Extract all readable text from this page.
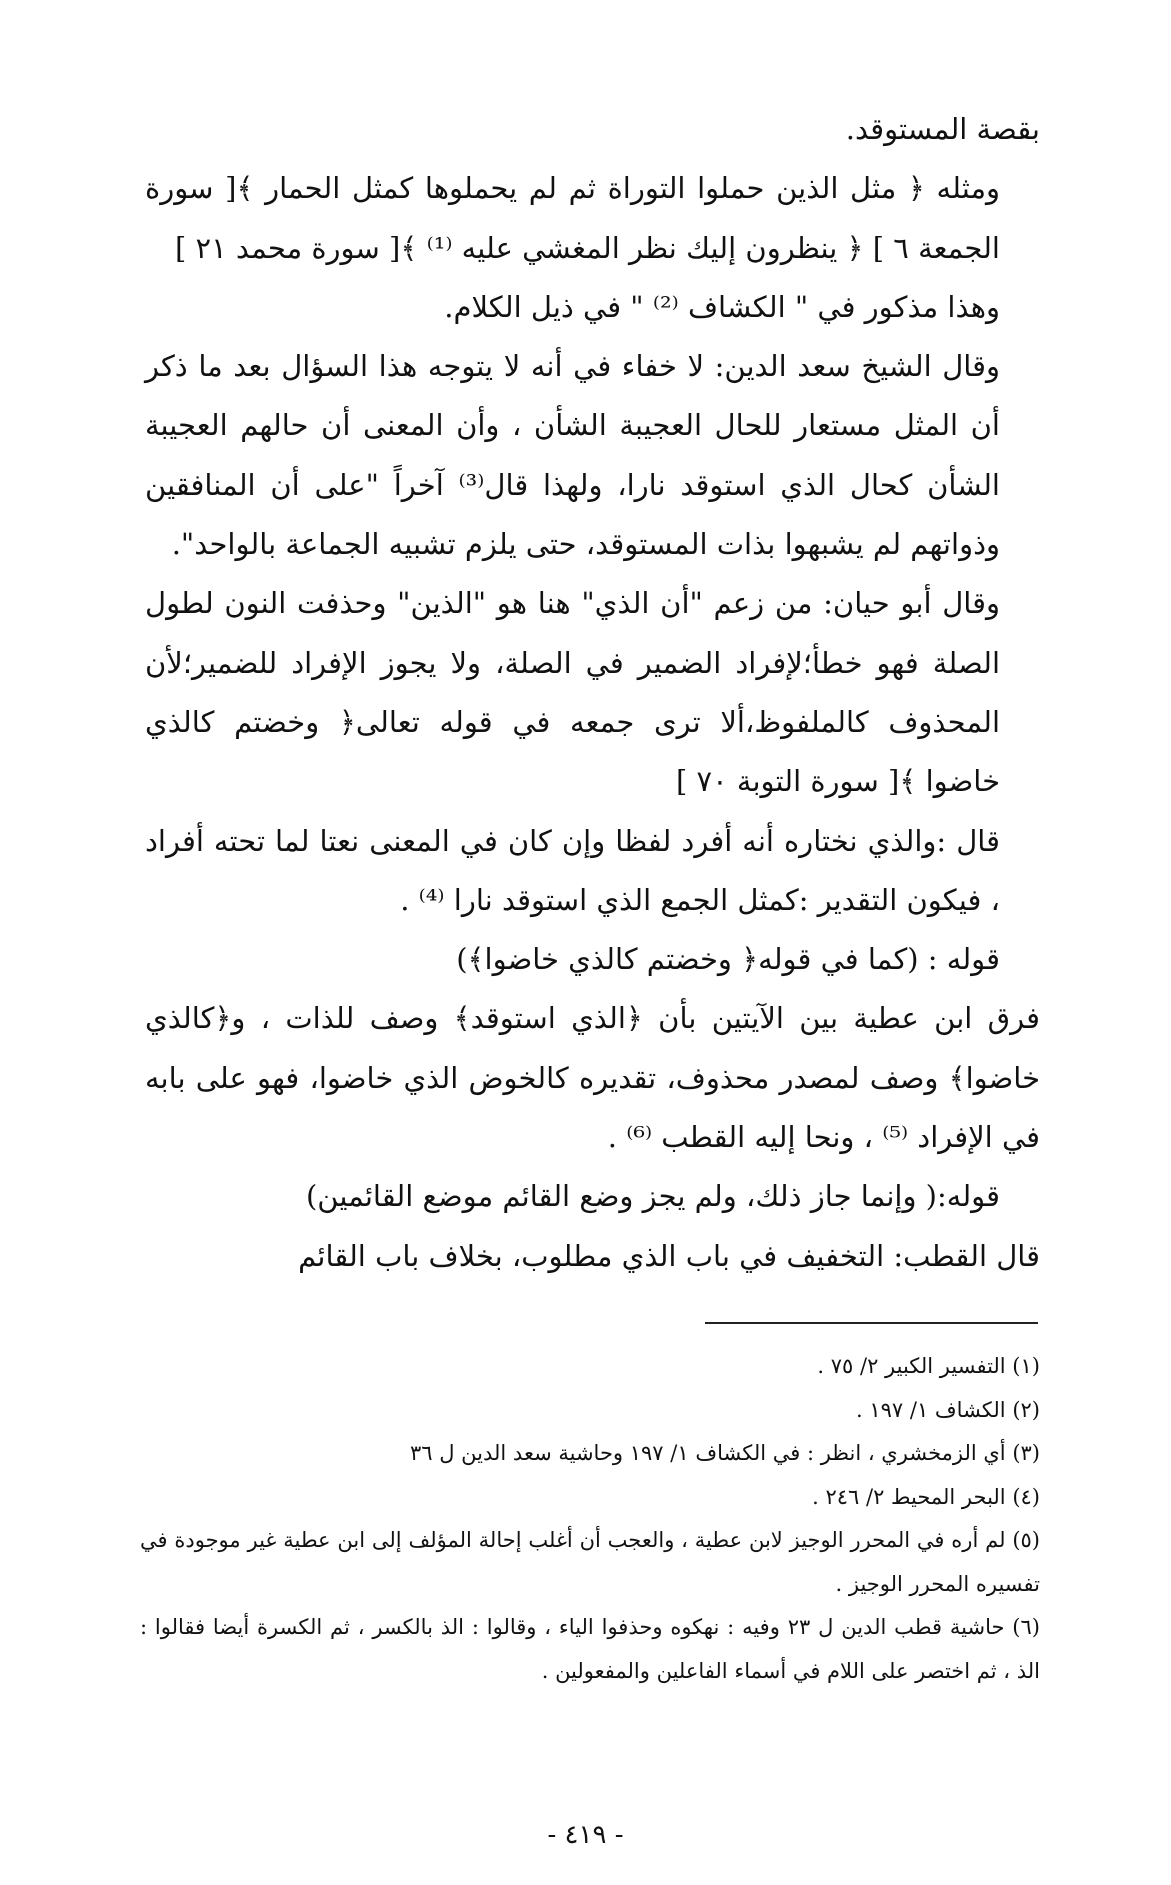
بقصة المستوقد.

ومثله ﴿ مثل الذين حملوا التوراة ثم لم يحملوها كمثل الحمار ﴾[ سورة الجمعة ٦ ] ﴿ ينظرون إليك نظر المغشي عليه ⁽¹⁾ ﴾[ سورة محمد ٢١ ]

وهذا مذكور في " الكشاف ⁽²⁾ " في ذيل الكلام.

وقال الشيخ سعد الدين: لا خفاء في أنه لا يتوجه هذا السؤال بعد ما ذكر أن المثل مستعار للحال العجيبة الشأن ، وأن المعنى أن حالهم العجيبة الشأن كحال الذي استوقد نارا، ولهذا قال⁽³⁾ آخراً "على أن المنافقين وذواتهم لم يشبهوا بذات المستوقد، حتى يلزم تشبيه الجماعة بالواحد".

وقال أبو حيان: من زعم "أن الذي" هنا هو "الذين" وحذفت النون لطول الصلة فهو خطأ؛لإفراد الضمير في الصلة، ولا يجوز الإفراد للضمير؛لأن المحذوف كالملفوظ،ألا ترى جمعه في قوله تعالى﴿ وخضتم كالذي خاضوا ﴾[ سورة التوبة ٧٠ ]

قال :والذي نختاره أنه أفرد لفظا وإن كان في المعنى نعتا لما تحته أفراد ، فيكون التقدير :كمثل الجمع الذي استوقد نارا ⁽⁴⁾ .

قوله : (كما في قوله﴿ وخضتم كالذي خاضوا﴾)

فرق ابن عطية بين الآيتين بأن ﴿الذي استوقد﴾ وصف للذات ، و﴿كالذي خاضوا﴾ وصف لمصدر محذوف، تقديره كالخوض الذي خاضوا، فهو على بابه في الإفراد ⁽⁵⁾ ، ونحا إليه القطب ⁽⁶⁾ .

قوله:( وإنما جاز ذلك، ولم يجز وضع القائم موضع القائمين)

قال القطب: التخفيف في باب الذي مطلوب، بخلاف باب القائم

(١) التفسير الكبير ٢/ ٧٥ .

(٢) الكشاف ١/ ١٩٧ .

(٣) أي الزمخشري ، انظر : في الكشاف ١/ ١٩٧ وحاشية سعد الدين ل ٣٦

(٤) البحر المحيط ٢/ ٢٤٦ .

(٥) لم أره في المحرر الوجيز لابن عطية ، والعجب أن أغلب إحالة المؤلف إلى ابن عطية غير موجودة في تفسيره المحرر الوجيز .

(٦) حاشية قطب الدين ل ٢٣ وفيه : نهكوه وحذفوا الياء ، وقالوا : الذ بالكسر ، ثم الكسرة أيضا فقالوا : الذ ، ثم اختصر على اللام في أسماء الفاعلين والمفعولين .

- ٤١٩ -
